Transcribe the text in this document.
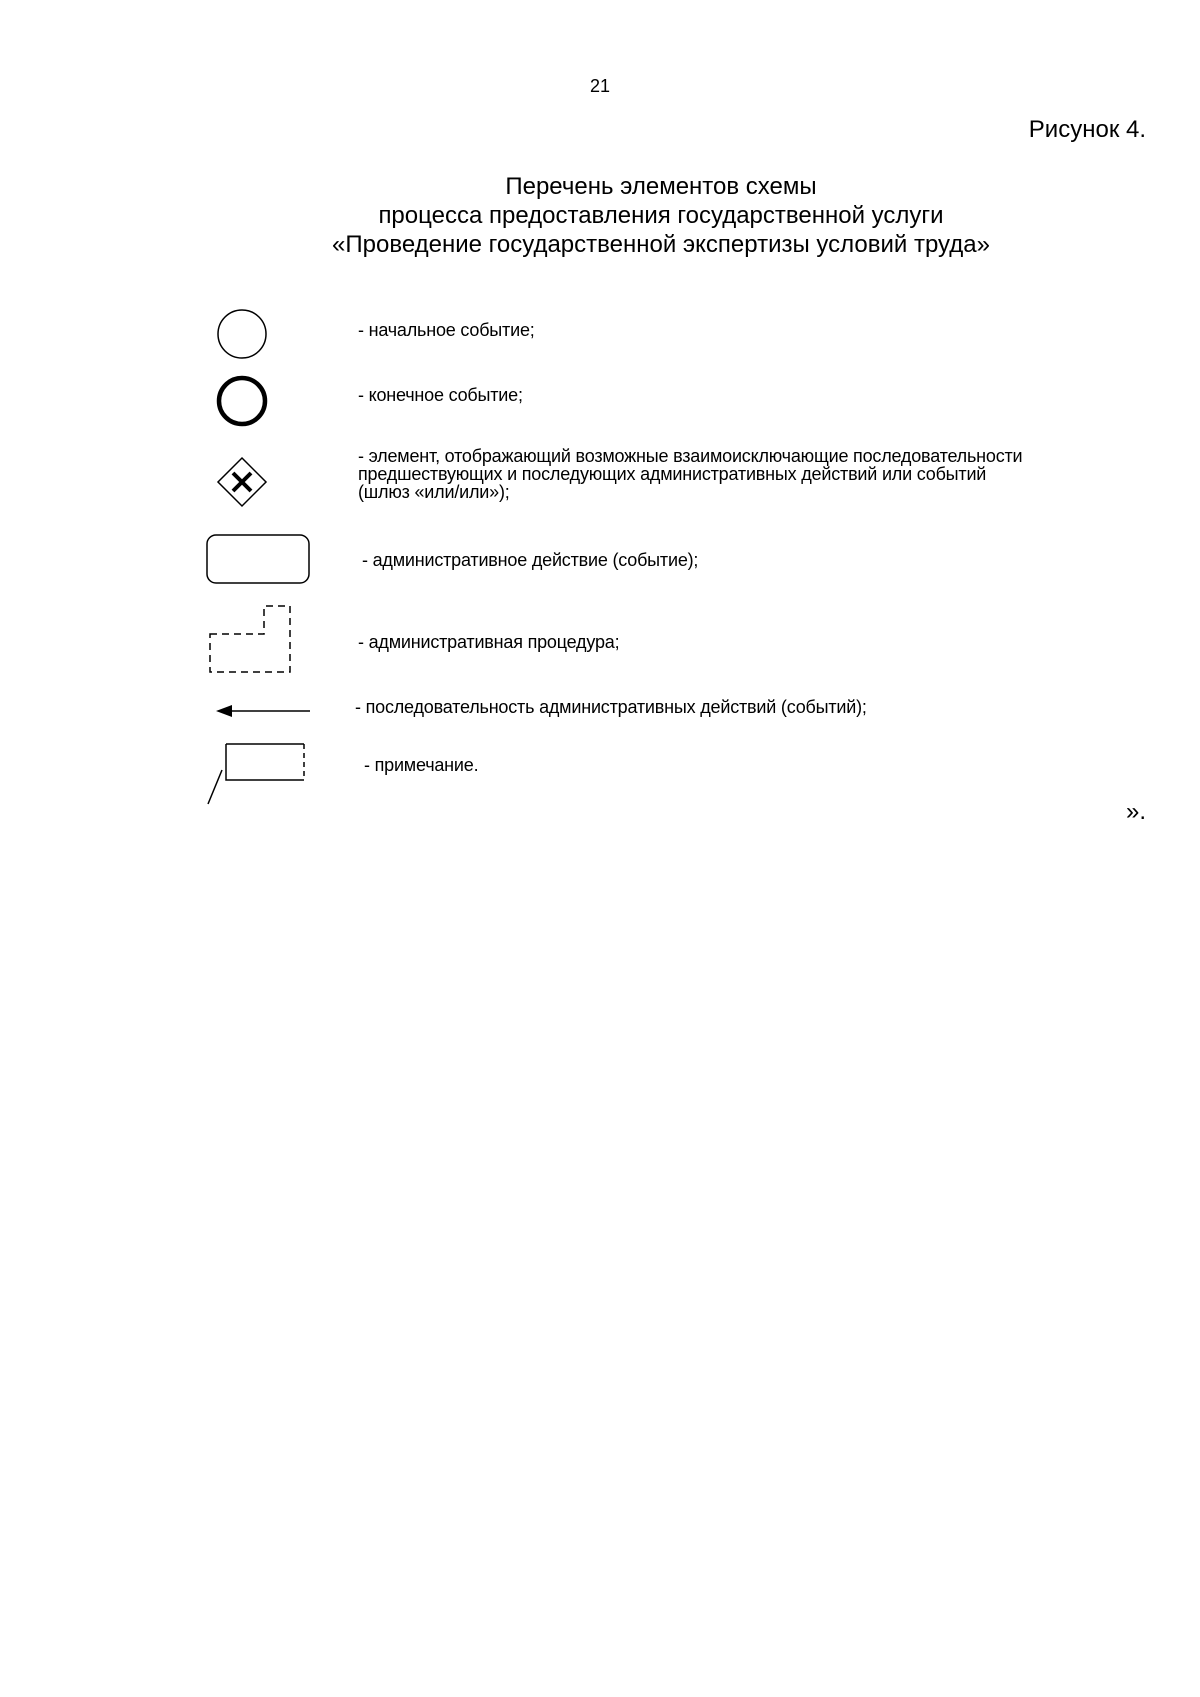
21
Рисунок 4.
Перечень элементов схемы
процесса предоставления государственной услуги
«Проведение государственной экспертизы условий труда»
- начальное событие;
- конечное событие;
- элемент, отображающий возможные взаимоисключающие последовательности
предшествующих и последующих административных действий или событий
(шлюз «или/или»);
- административное действие (событие);
- административная процедура;
- последовательность административных действий (событий);
- примечание.
».
